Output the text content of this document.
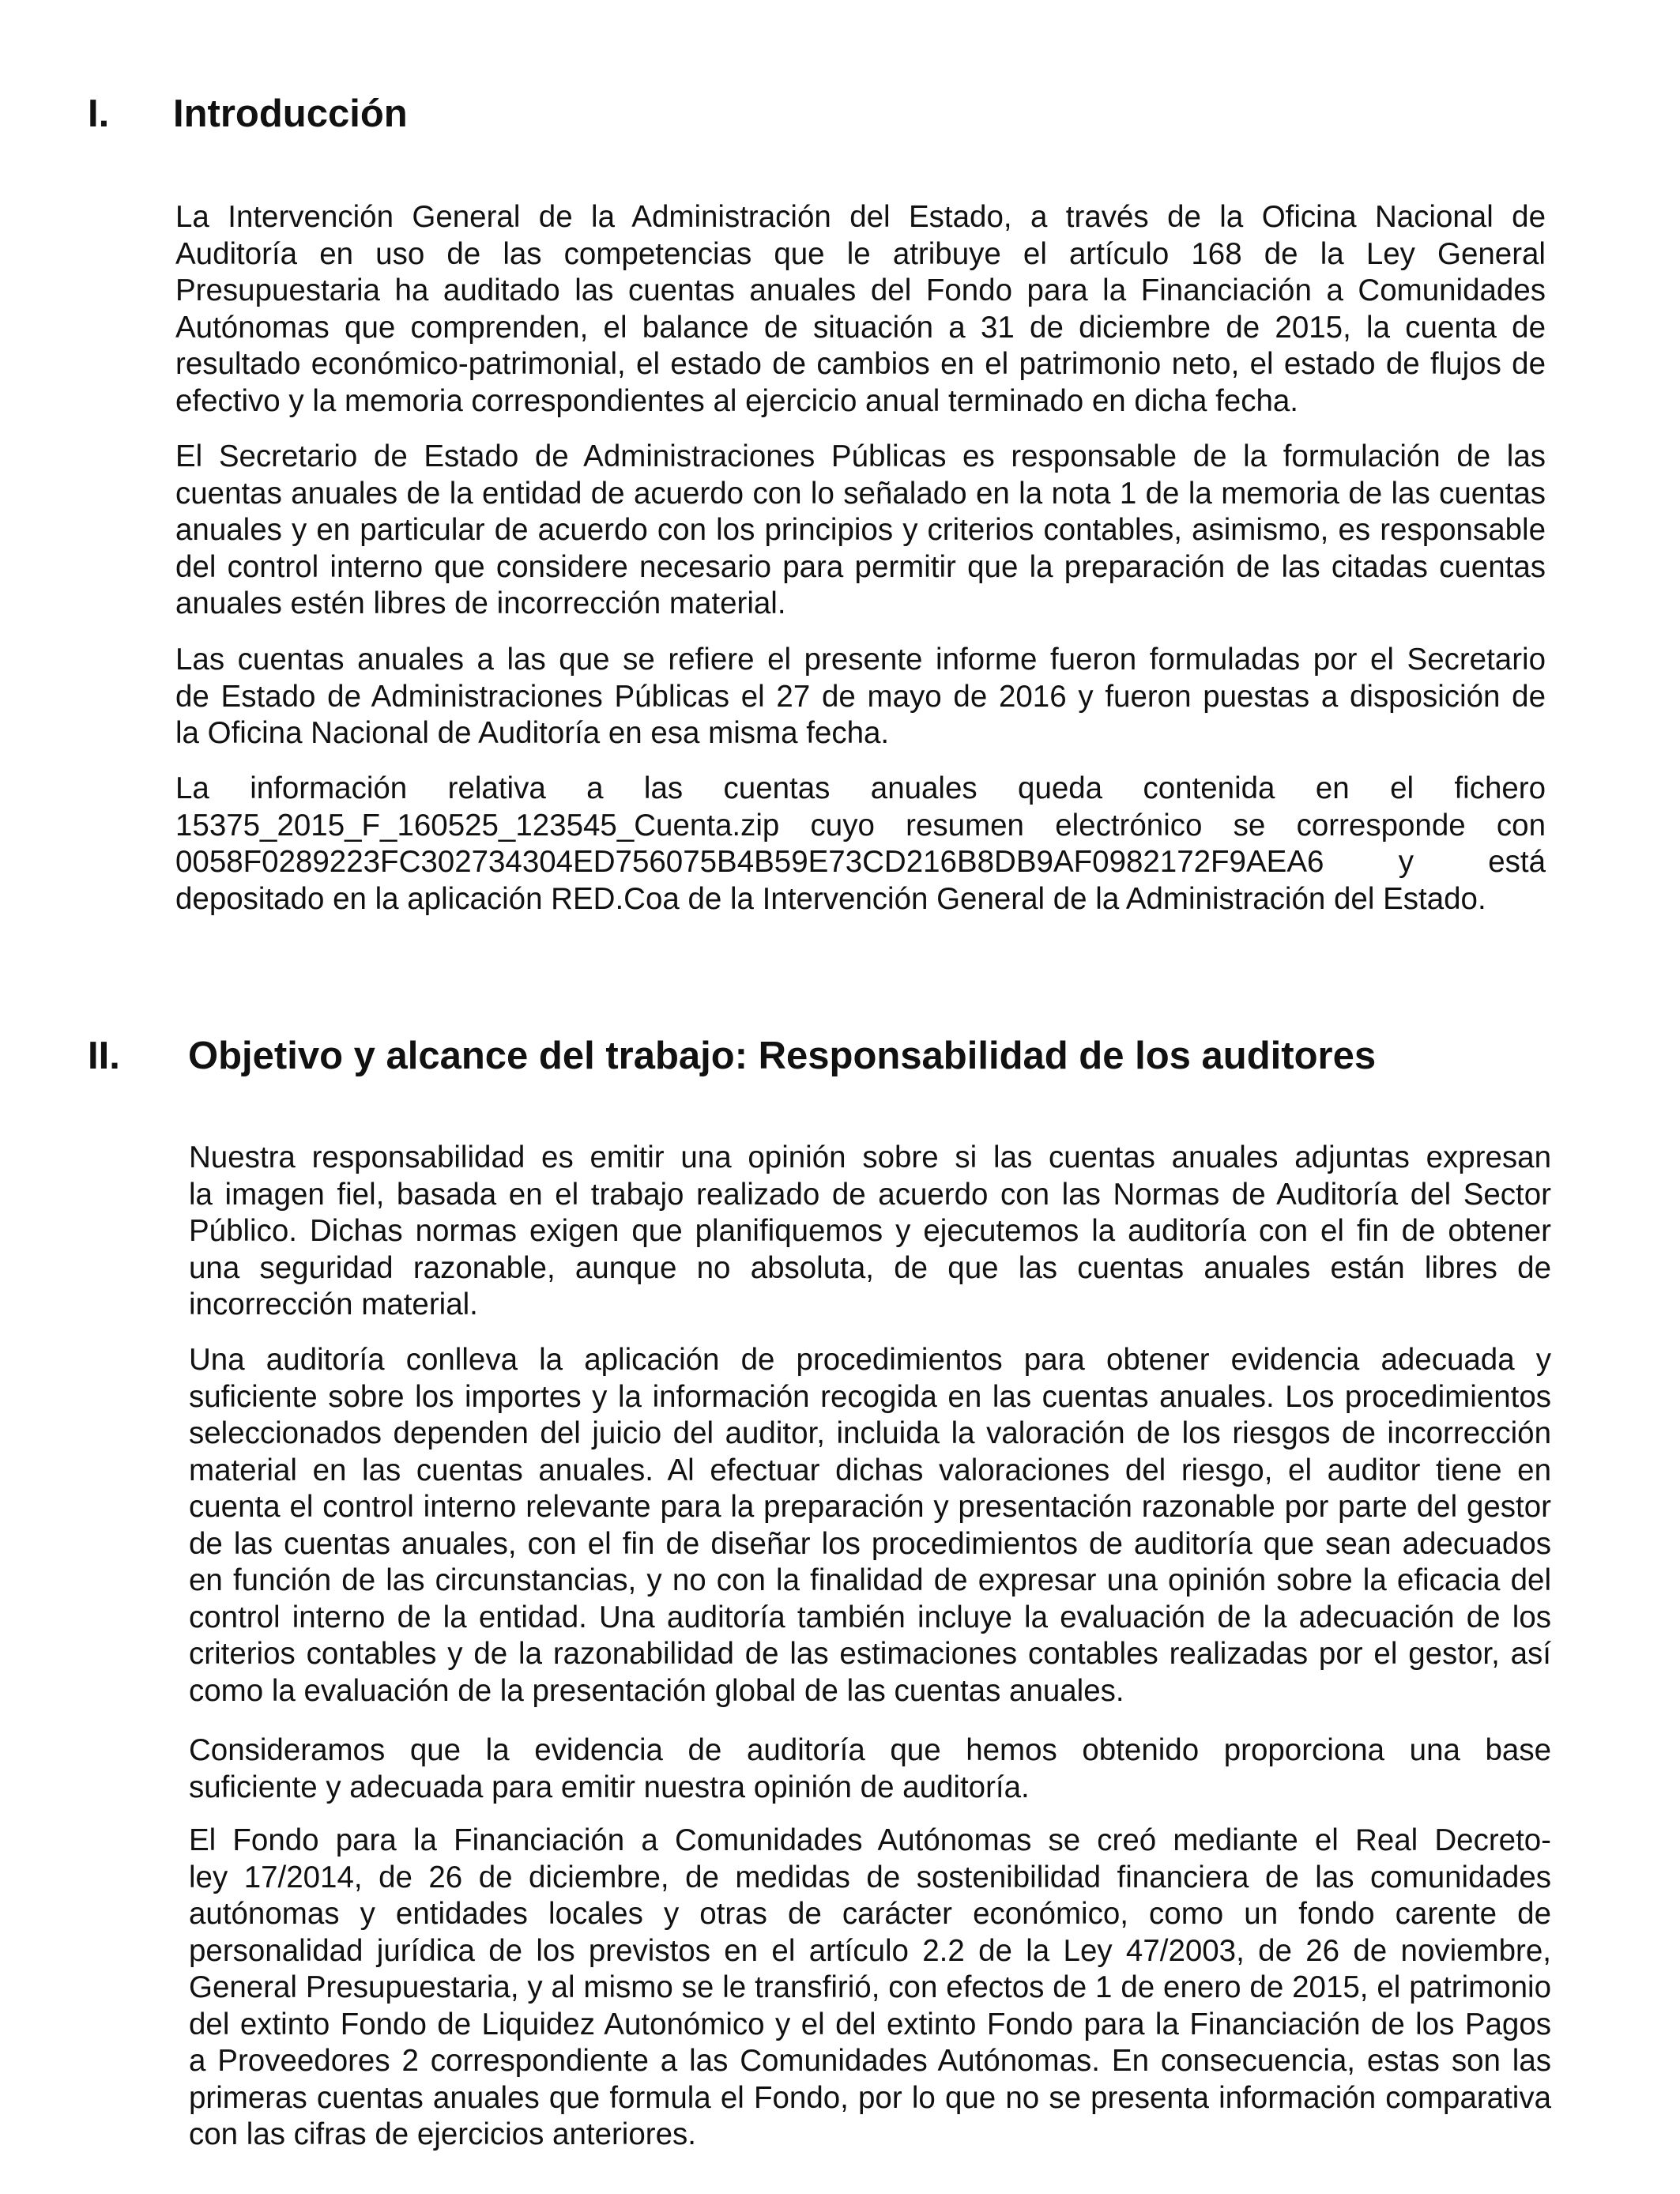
I. Introducción
La Intervención General de la Administración del Estado, a través de la Oficina Nacional de
Auditoría en uso de las competencias que le atribuye el artículo 168 de la Ley General
Presupuestaria ha auditado las cuentas anuales del Fondo para la Financiación a Comunidades
Autónomas que comprenden, el balance de situación a 31 de diciembre de 2015, la cuenta de
resultado económico-patrimonial, el estado de cambios en el patrimonio neto, el estado de flujos de
efectivo y la memoria correspondientes al ejercicio anual terminado en dicha fecha.
El Secretario de Estado de Administraciones Públicas es responsable de la formulación de las
cuentas anuales de la entidad de acuerdo con lo señalado en la nota 1 de la memoria de las cuentas
anuales y en particular de acuerdo con los principios y criterios contables, asimismo, es responsable
del control interno que considere necesario para permitir que la preparación de las citadas cuentas
anuales estén libres de incorrección material.
Las cuentas anuales a las que se refiere el presente informe fueron formuladas por el Secretario
de Estado de Administraciones Públicas el 27 de mayo de 2016 y fueron puestas a disposición de
la Oficina Nacional de Auditoría en esa misma fecha.
La información relativa a las cuentas anuales queda contenida en el fichero
15375_2015_F_160525_123545_Cuenta.zip cuyo resumen electrónico se corresponde con
0058F0289223FC302734304ED756075B4B59E73CD216B8DB9AF0982172F9AEA6 y está
depositado en la aplicación RED.Coa de la Intervención General de la Administración del Estado.
II. Objetivo y alcance del trabajo: Responsabilidad de los auditores
Nuestra responsabilidad es emitir una opinión sobre si las cuentas anuales adjuntas expresan
la imagen fiel, basada en el trabajo realizado de acuerdo con las Normas de Auditoría del Sector
Público. Dichas normas exigen que planifiquemos y ejecutemos la auditoría con el fin de obtener
una seguridad razonable, aunque no absoluta, de que las cuentas anuales están libres de
incorrección material.
Una auditoría conlleva la aplicación de procedimientos para obtener evidencia adecuada y
suficiente sobre los importes y la información recogida en las cuentas anuales. Los procedimientos
seleccionados dependen del juicio del auditor, incluida la valoración de los riesgos de incorrección
material en las cuentas anuales. Al efectuar dichas valoraciones del riesgo, el auditor tiene en
cuenta el control interno relevante para la preparación y presentación razonable por parte del gestor
de las cuentas anuales, con el fin de diseñar los procedimientos de auditoría que sean adecuados
en función de las circunstancias, y no con la finalidad de expresar una opinión sobre la eficacia del
control interno de la entidad. Una auditoría también incluye la evaluación de la adecuación de los
criterios contables y de la razonabilidad de las estimaciones contables realizadas por el gestor, así
como la evaluación de la presentación global de las cuentas anuales.
Consideramos que la evidencia de auditoría que hemos obtenido proporciona una base
suficiente y adecuada para emitir nuestra opinión de auditoría.
El Fondo para la Financiación a Comunidades Autónomas se creó mediante el Real Decreto-
ley 17/2014, de 26 de diciembre, de medidas de sostenibilidad financiera de las comunidades
autónomas y entidades locales y otras de carácter económico, como un fondo carente de
personalidad jurídica de los previstos en el artículo 2.2 de la Ley 47/2003, de 26 de noviembre,
General Presupuestaria, y al mismo se le transfirió, con efectos de 1 de enero de 2015, el patrimonio
del extinto Fondo de Liquidez Autonómico y el del extinto Fondo para la Financiación de los Pagos
a Proveedores 2 correspondiente a las Comunidades Autónomas. En consecuencia, estas son las
primeras cuentas anuales que formula el Fondo, por lo que no se presenta información comparativa
con las cifras de ejercicios anteriores.
